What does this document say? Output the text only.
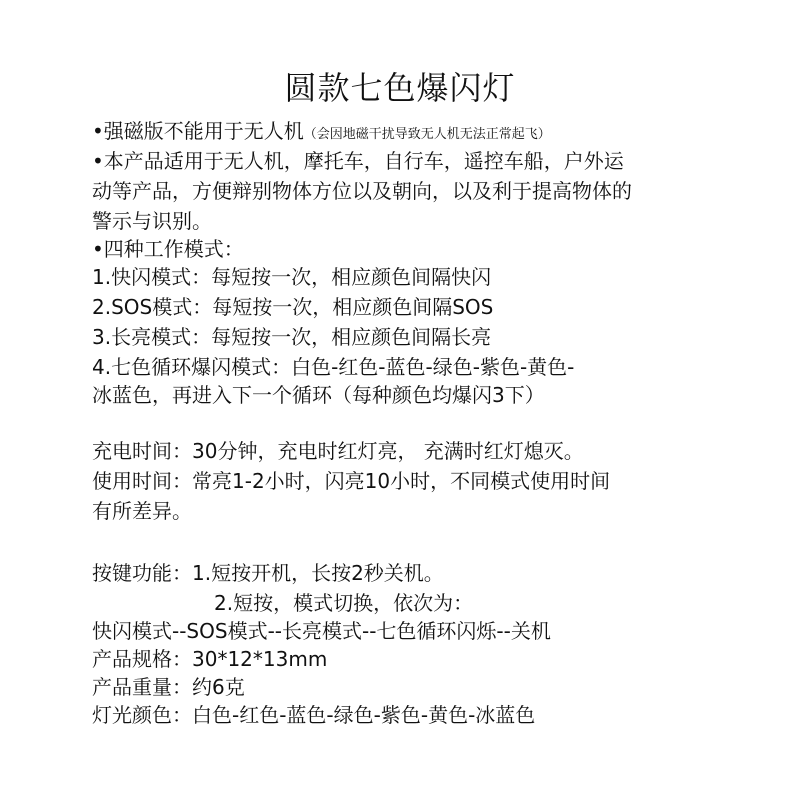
圆款七色爆闪灯
•强磁版不能用于无人机（会因地磁干扰导致无人机无法正常起飞）
•本产品适用于无人机，摩托车，自行车，遥控车船，户外运
动等产品，方便辩别物体方位以及朝向，以及利于提高物体的
警示与识别。
•四种工作模式：
1.快闪模式：每短按一次，相应颜色间隔快闪
2.SOS模式：每短按一次，相应颜色间隔SOS
3.长亮模式：每短按一次，相应颜色间隔长亮
4.七色循环爆闪模式：白色-红色-蓝色-绿色-紫色-黄色-
冰蓝色，再进入下一个循环（每种颜色均爆闪3下）
充电时间：30分钟，充电时红灯亮， 充满时红灯熄灭。
使用时间：常亮1-2小时，闪亮10小时，不同模式使用时间
有所差异。
按键功能：1.短按开机，长按2秒关机。
2.短按，模式切换，依次为：
快闪模式--SOS模式--长亮模式--七色循环闪烁--关机
产品规格：30*12*13mm
产品重量：约6克
灯光颜色：白色-红色-蓝色-绿色-紫色-黄色-冰蓝色
